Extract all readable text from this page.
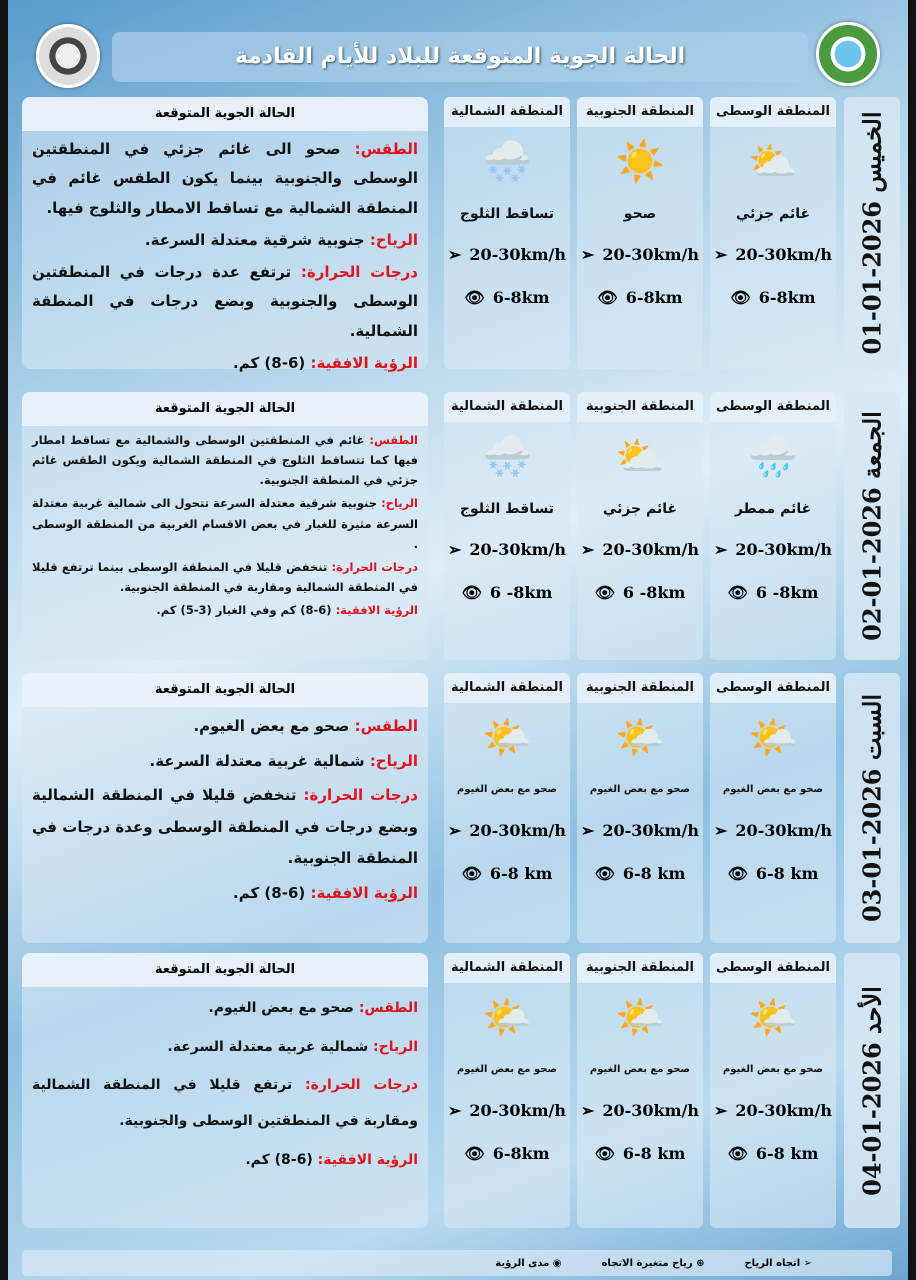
الحالة الجوية المتوقعة للبلاد للأيام القادمة
الخميس 2026-01-01
المنطقة الوسطى
⛅
غائم جزئي
➢ 20-30km/h
👁 6-8km
المنطقة الجنوبية
☀️
صحو
➢ 20-30km/h
👁 6-8km
المنطقة الشمالية
🌨️
تساقط الثلوج
➢ 20-30km/h
👁 6-8km
الحالة الجوية المتوقعة

الطقس: صحو الى غائم جزئي في المنطقتين الوسطى والجنوبية بينما يكون الطقس غائم في المنطقة الشمالية مع تساقط الامطار والثلوج فيها.

الرياح: جنوبية شرقية معتدلة السرعة.

درجات الحرارة: ترتفع عدة درجات في المنطقتين الوسطى والجنوبية وبضع درجات في المنطقة الشمالية.

الرؤية الافقية: (6-8) كم.

الجمعة 2026-01-02
المنطقة الوسطى
🌧️
غائم ممطر
➢ 20-30km/h
👁 6 -8km
المنطقة الجنوبية
⛅
غائم جزئي
➢ 20-30km/h
👁 6 -8km
المنطقة الشمالية
🌨️
تساقط الثلوج
➢ 20-30km/h
👁 6 -8km
الحالة الجوية المتوقعة

الطقس: غائم في المنطقتين الوسطى والشمالية مع تساقط امطار فيها كما تتساقط الثلوج في المنطقة الشمالية ويكون الطقس غائم جزئي في المنطقة الجنوبية.

الرياح: جنوبية شرقية معتدلة السرعة تتحول الى شمالية غربية معتدلة السرعة مثيرة للغبار في بعض الاقسام الغربية من المنطقة الوسطى .

درجات الحرارة: تنخفض قليلا في المنطقة الوسطى بينما ترتفع قليلا في المنطقة الشمالية ومقاربة في المنطقة الجنوبية.

الرؤية الافقية: (6-8) كم وفي الغبار (3-5) كم.

السبت 2026-01-03
المنطقة الوسطى
🌤️
صحو مع بعض الغيوم
➢ 20-30km/h
👁 6-8 km
المنطقة الجنوبية
🌤️
صحو مع بعض الغيوم
➢ 20-30km/h
👁 6-8 km
المنطقة الشمالية
🌤️
صحو مع بعض الغيوم
➢ 20-30km/h
👁 6-8 km
الحالة الجوية المتوقعة

الطقس: صحو مع بعض الغيوم.

الرياح: شمالية غربية معتدلة السرعة.

درجات الحرارة: تنخفض قليلا في المنطقة الشمالية وبضع درجات في المنطقة الوسطى وعدة درجات في المنطقة الجنوبية.

الرؤية الافقية: (6-8) كم.

الأحد 2026-01-04
المنطقة الوسطى
🌤️
صحو مع بعض الغيوم
➢ 20-30km/h
👁 6-8 km
المنطقة الجنوبية
🌤️
صحو مع بعض الغيوم
➢ 20-30km/h
👁 6-8 km
المنطقة الشمالية
🌤️
صحو مع بعض الغيوم
➢ 20-30km/h
👁 6-8km
الحالة الجوية المتوقعة

الطقس: صحو مع بعض الغيوم.

الرياح: شمالية غربية معتدلة السرعة.

درجات الحرارة: ترتفع قليلا في المنطقة الشمالية ومقاربة في المنطقتين الوسطى والجنوبية.

الرؤية الافقية: (6-8) كم.

➢ اتجاه الرياح
⊕ رياح متغيرة الاتجاه
◉ مدى الرؤية
